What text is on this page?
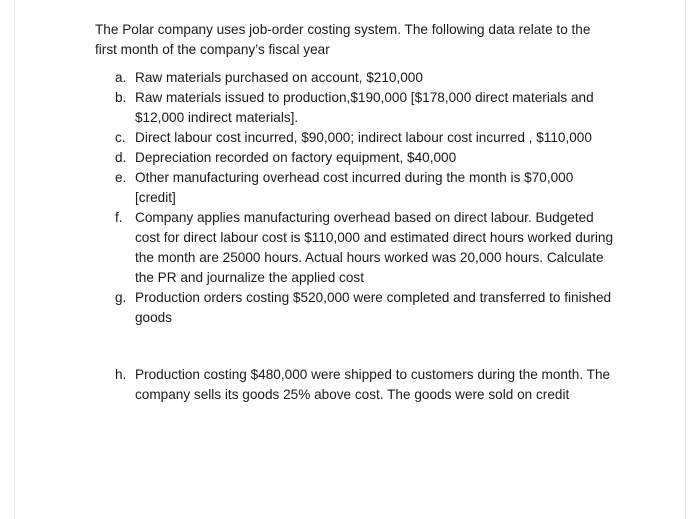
The Polar company uses job-order costing system. The following data relate to the first month of the company’s fiscal year

a. Raw materials purchased on account, $210,000
b. Raw materials issued to production,$190,000 [$178,000 direct materials and $12,000 indirect materials].
c. Direct labour cost incurred, $90,000; indirect labour cost incurred , $110,000
d. Depreciation recorded on factory equipment, $40,000
e. Other manufacturing overhead cost incurred during the month is $70,000 [credit]
f. Company applies manufacturing overhead based on direct labour. Budgeted cost for direct labour cost is $110,000 and estimated direct hours worked during the month are 25000 hours. Actual hours worked was 20,000 hours. Calculate the PR and journalize the applied cost
g. Production orders costing $520,000 were completed and transferred to finished goods
h. Production costing $480,000 were shipped to customers during the month. The company sells its goods 25% above cost. The goods were sold on credit
